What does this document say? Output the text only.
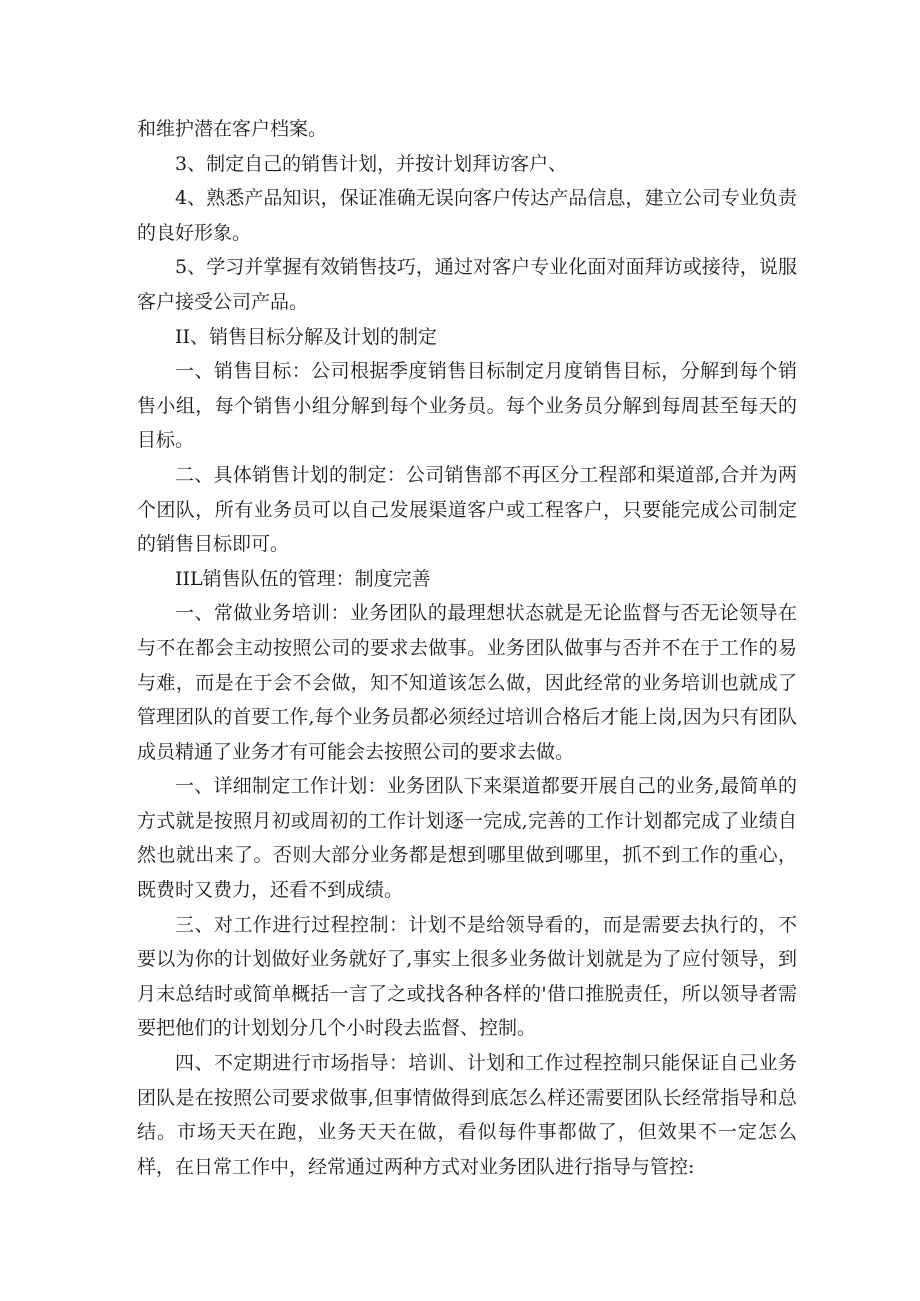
和维护潜在客户档案。

3、制定自己的销售计划，并按计划拜访客户、

4、熟悉产品知识，保证准确无误向客户传达产品信息，建立公司专业负责的良好形象。

5、学习并掌握有效销售技巧，通过对客户专业化面对面拜访或接待，说服客户接受公司产品。

II、销售目标分解及计划的制定

一、销售目标：公司根据季度销售目标制定月度销售目标，分解到每个销售小组，每个销售小组分解到每个业务员。每个业务员分解到每周甚至每天的目标。

二、具体销售计划的制定：公司销售部不再区分工程部和渠道部,合并为两个团队，所有业务员可以自己发展渠道客户或工程客户，只要能完成公司制定的销售目标即可。

IIL销售队伍的管理：制度完善

一、常做业务培训：业务团队的最理想状态就是无论监督与否无论领导在与不在都会主动按照公司的要求去做事。业务团队做事与否并不在于工作的易与难，而是在于会不会做，知不知道该怎么做，因此经常的业务培训也就成了管理团队的首要工作,每个业务员都必须经过培训合格后才能上岗,因为只有团队成员精通了业务才有可能会去按照公司的要求去做。

一、详细制定工作计划：业务团队下来渠道都要开展自己的业务,最简单的方式就是按照月初或周初的工作计划逐一完成,完善的工作计划都完成了业绩自然也就出来了。否则大部分业务都是想到哪里做到哪里，抓不到工作的重心，既费时又费力，还看不到成绩。

三、对工作进行过程控制：计划不是给领导看的，而是需要去执行的，不要以为你的计划做好业务就好了,事实上很多业务做计划就是为了应付领导，到月末总结时或简单概括一言了之或找各种各样的'借口推脱责任，所以领导者需要把他们的计划划分几个小时段去监督、控制。

四、不定期进行市场指导：培训、计划和工作过程控制只能保证自己业务团队是在按照公司要求做事,但事情做得到底怎么样还需要团队长经常指导和总结。市场天天在跑，业务天天在做，看似每件事都做了，但效果不一定怎么样，在日常工作中，经常通过两种方式对业务团队进行指导与管控:
